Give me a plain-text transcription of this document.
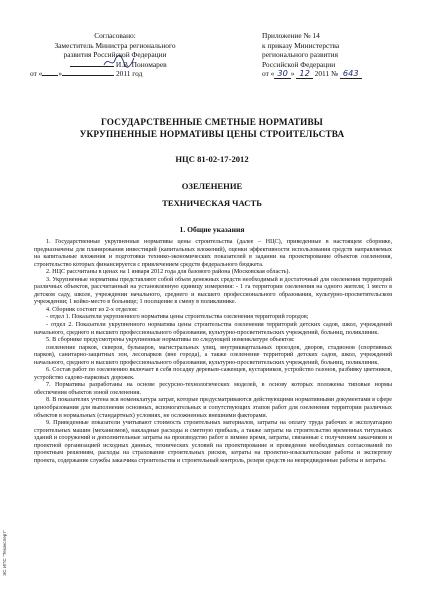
Согласовано:
Заместитель Министра регионального
развития Российской Федерации

И.В. Пономарев
от « »	2011 год
Приложение № 14
к приказу Министерства
регионального развития
Российской Федерации
от « 30 » 12 2011 № 643
ГОСУДАРСТВЕННЫЕ СМЕТНЫЕ НОРМАТИВЫ
УКРУПНЕННЫЕ НОРМАТИВЫ ЦЕНЫ СТРОИТЕЛЬСТВА
НЦС 81-02-17-2012
ОЗЕЛЕНЕНИЕ
ТЕХНИЧЕСКАЯ ЧАСТЬ
1. Общие указания

1. Государственные укрупненные нормативы цены строительства (далее – НЦС), приведенные в настоящем сборнике, предназначены для планирования инвестиций (капитальных вложений), оценки эффективности использования средств направляемых на капитальные вложения и подготовки технико-экономических показателей в задании на проектирование объектов озеленения, строительство которых финансируется с привлечением средств федерального бюджета.

2. НЦС рассчитаны в ценах на 1 января 2012 года для базового района (Московская область).

3. Укрупненные нормативы представляют собой объем денежных средств необходимый и достаточный для озеленения территорий различных объектов, рассчитанный на установленную единицу измерения: - 1 га территории озеленения на одного жителя; 1 место в детском саду, школе, учреждении начального, среднего и высшего профессионального образования, культурно-просветительском учреждении; 1 койко-место в больнице; 1 посещение в смену в поликлинике.

4. Сборник состоит из 2-х отделов:

- отдел 1. Показатели укрупненного норматива цены строительства озеленения территорий городов;

- отдел 2. Показатели укрупненного норматива цены строительства озеленения территорий детских садов, школ, учреждений начального, среднего и высшего профессионального образования, культурно-просветительских учреждений, больниц, поликлиник.

5. В сборнике предусмотрены укрупненные нормативы по следующей номенклатуре объектов:

озеленение парков, скверов, бульваров, магистральных улиц, внутриквартальных проездов, дворов, стадионов (спортивных парков), санитарно-защитных зон, лесопарков (вне города), а также озеленение территорий детских садов, школ, учреждений начального, среднего и высшего профессионального образования, культурно-просветительских учреждений, больниц, поликлиник.

6. Состав работ по озеленению включает в себя посадку деревьев-саженцев, кустарников, устройство газонов, разбивку цветников, устройство садово-парковых дорожек.

7. Нормативы разработаны на основе ресурсно-технологических моделей, в основу которых положены типовые нормы обеспечения объектов зоной озеленения.

8. В показателях учтена вся номенклатура затрат, которые предусматриваются действующими нормативными документами в сфере ценообразования для выполнения основных, вспомогательных и сопутствующих этапов работ для озеленения территории различных объектов в нормальных (стандартных) условиях, не осложненных внешними факторами.

9. Приведенные показатели учитывают стоимость строительных материалов, затраты на оплату труда рабочих и эксплуатацию строительных машин (механизмов), накладные расходы и сметную прибыль, а также затраты на строительство временных титульных зданий и сооружений и дополнительные затраты на производство работ в зимнее время, затраты, связанные с получением заказчиком и проектной организацией исходных данных, технических условий на проектирование и проведение необходимых согласований по проектным решениям, расходы на страхование строительных рисков, затраты на проектно-изыскательские работы и экспертизу проекта, содержание службы заказчика строительства и строительный контроль, резерв средств на непредвиденные работы и затраты.

ЭС ИПС "Техэксперт"
